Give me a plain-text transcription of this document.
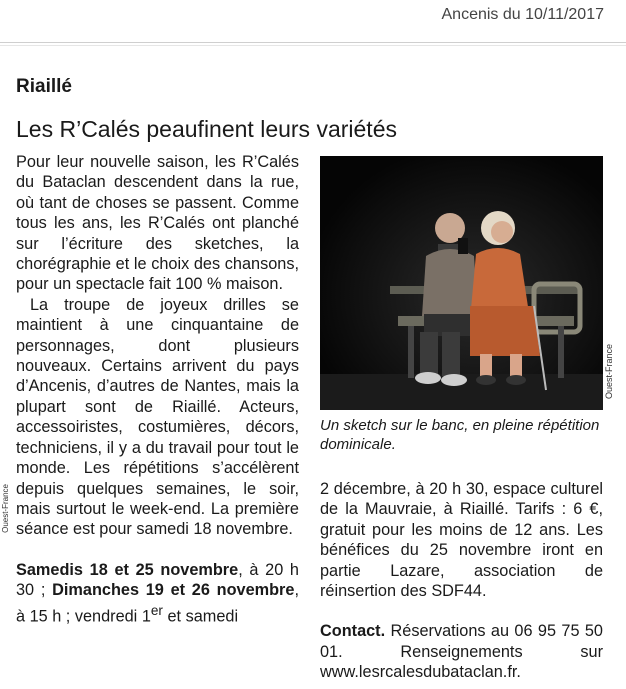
Ancenis du 10/11/2017
Riaillé
Les R’Calés peaufinent leurs variétés

Pour leur nouvelle saison, les R’Calés du Bataclan descendent dans la rue, où tant de choses se passent. Comme tous les ans, les R’Calés ont planché sur l’écriture des sketches, la chorégraphie et le choix des chansons, pour un spectacle fait 100 % maison.

La troupe de joyeux drilles se maintient à une cinquantaine de personnages, dont plusieurs nouveaux. Certains arrivent du pays d’Ancenis, d’autres de Nantes, mais la plupart sont de Riaillé. Acteurs, accessoiristes, costumières, décors, techniciens, il y a du travail pour tout le monde. Les répétitions s’accélèrent depuis quelques semaines, le soir, mais surtout le week-end. La première séance est pour samedi 18 novembre.

Samedis 18 et 25 novembre, à 20 h 30 ; Dimanches 19 et 26 novembre, à 15 h ; vendredi 1er et samedi

Ouest-France
Ouest-France
Un sketch sur le banc, en pleine répétition dominicale.

2 décembre, à 20 h 30, espace culturel de la Mauvraie, à Riaillé. Tarifs : 6 €, gratuit pour les moins de 12 ans. Les bénéfices du 25 novembre iront en partie Lazare, association de réinsertion des SDF44.

Contact. Réservations au 06 95 75 50 01. Renseignements sur www.lesrcalesdubataclan.fr.
